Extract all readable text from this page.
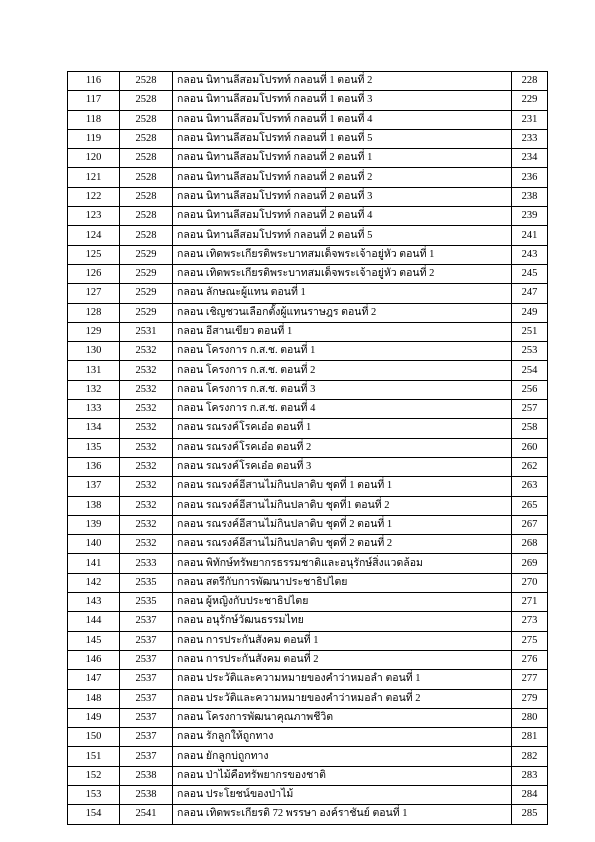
116	2528	กลอน นิทานลีสอมโปรทท์ กลอนที่ 1 ตอนที่ 2	228
117	2528	กลอน นิทานลีสอมโปรทท์ กลอนที่ 1 ตอนที่ 3	229
118	2528	กลอน นิทานลีสอมโปรทท์ กลอนที่ 1 ตอนที่ 4	231
119	2528	กลอน นิทานลีสอมโปรทท์ กลอนที่ 1 ตอนที่ 5	233
120	2528	กลอน นิทานลีสอมโปรทท์ กลอนที่ 2 ตอนที่ 1	234
121	2528	กลอน นิทานลีสอมโปรทท์ กลอนที่ 2 ตอนที่ 2	236
122	2528	กลอน นิทานลีสอมโปรทท์ กลอนที่ 2 ตอนที่ 3	238
123	2528	กลอน นิทานลีสอมโปรทท์ กลอนที่ 2 ตอนที่ 4	239
124	2528	กลอน นิทานลีสอมโปรทท์ กลอนที่ 2 ตอนที่ 5	241
125	2529	กลอน เทิดพระเกียรติพระบาทสมเด็จพระเจ้าอยู่หัว ตอนที่ 1	243
126	2529	กลอน เทิดพระเกียรติพระบาทสมเด็จพระเจ้าอยู่หัว ตอนที่ 2	245
127	2529	กลอน ลักษณะผู้แทน ตอนที่ 1	247
128	2529	กลอน เชิญชวนเลือกตั้งผู้แทนราษฎร ตอนที่ 2	249
129	2531	กลอน อีสานเขียว ตอนที่ 1	251
130	2532	กลอน โครงการ ก.ส.ช. ตอนที่ 1	253
131	2532	กลอน โครงการ ก.ส.ช. ตอนที่ 2	254
132	2532	กลอน โครงการ ก.ส.ช. ตอนที่ 3	256
133	2532	กลอน โครงการ ก.ส.ช. ตอนที่ 4	257
134	2532	กลอน รณรงค์โรคเอ๋อ ตอนที่ 1	258
135	2532	กลอน รณรงค์โรคเอ๋อ ตอนที่ 2	260
136	2532	กลอน รณรงค์โรคเอ๋อ ตอนที่ 3	262
137	2532	กลอน รณรงค์อีสานไม่กินปลาดิบ ชุดที่ 1 ตอนที่ 1	263
138	2532	กลอน รณรงค์อีสานไม่กินปลาดิบ ชุดที่1 ตอนที่ 2	265
139	2532	กลอน รณรงค์อีสานไม่กินปลาดิบ ชุดที่ 2 ตอนที่ 1	267
140	2532	กลอน รณรงค์อีสานไม่กินปลาดิบ ชุดที่ 2 ตอนที่ 2	268
141	2533	กลอน พิทักษ์ทรัพยากรธรรมชาติและอนุรักษ์สิ่งแวดล้อม	269
142	2535	กลอน สตรีกับการพัฒนาประชาธิปไตย	270
143	2535	กลอน ผู้หญิงกับประชาธิปไตย	271
144	2537	กลอน อนุรักษ์วัฒนธรรมไทย	273
145	2537	กลอน การประกันสังคม ตอนที่ 1	275
146	2537	กลอน การประกันสังคม ตอนที่ 2	276
147	2537	กลอน ประวัติและความหมายของคำว่าหมอลำ ตอนที่ 1	277
148	2537	กลอน ประวัติและความหมายของคำว่าหมอลำ ตอนที่ 2	279
149	2537	กลอน โครงการพัฒนาคุณภาพชีวิต	280
150	2537	กลอน รักลูกให้ถูกทาง	281
151	2537	กลอน ยักลูกบ่ถูกทาง	282
152	2538	กลอน ป่าไม้คือทรัพยากรของชาติ	283
153	2538	กลอน ประโยชน์ของป่าไม้	284
154	2541	กลอน เทิดพระเกียรติ 72 พรรษา องค์ราชันย์ ตอนที่ 1	285
